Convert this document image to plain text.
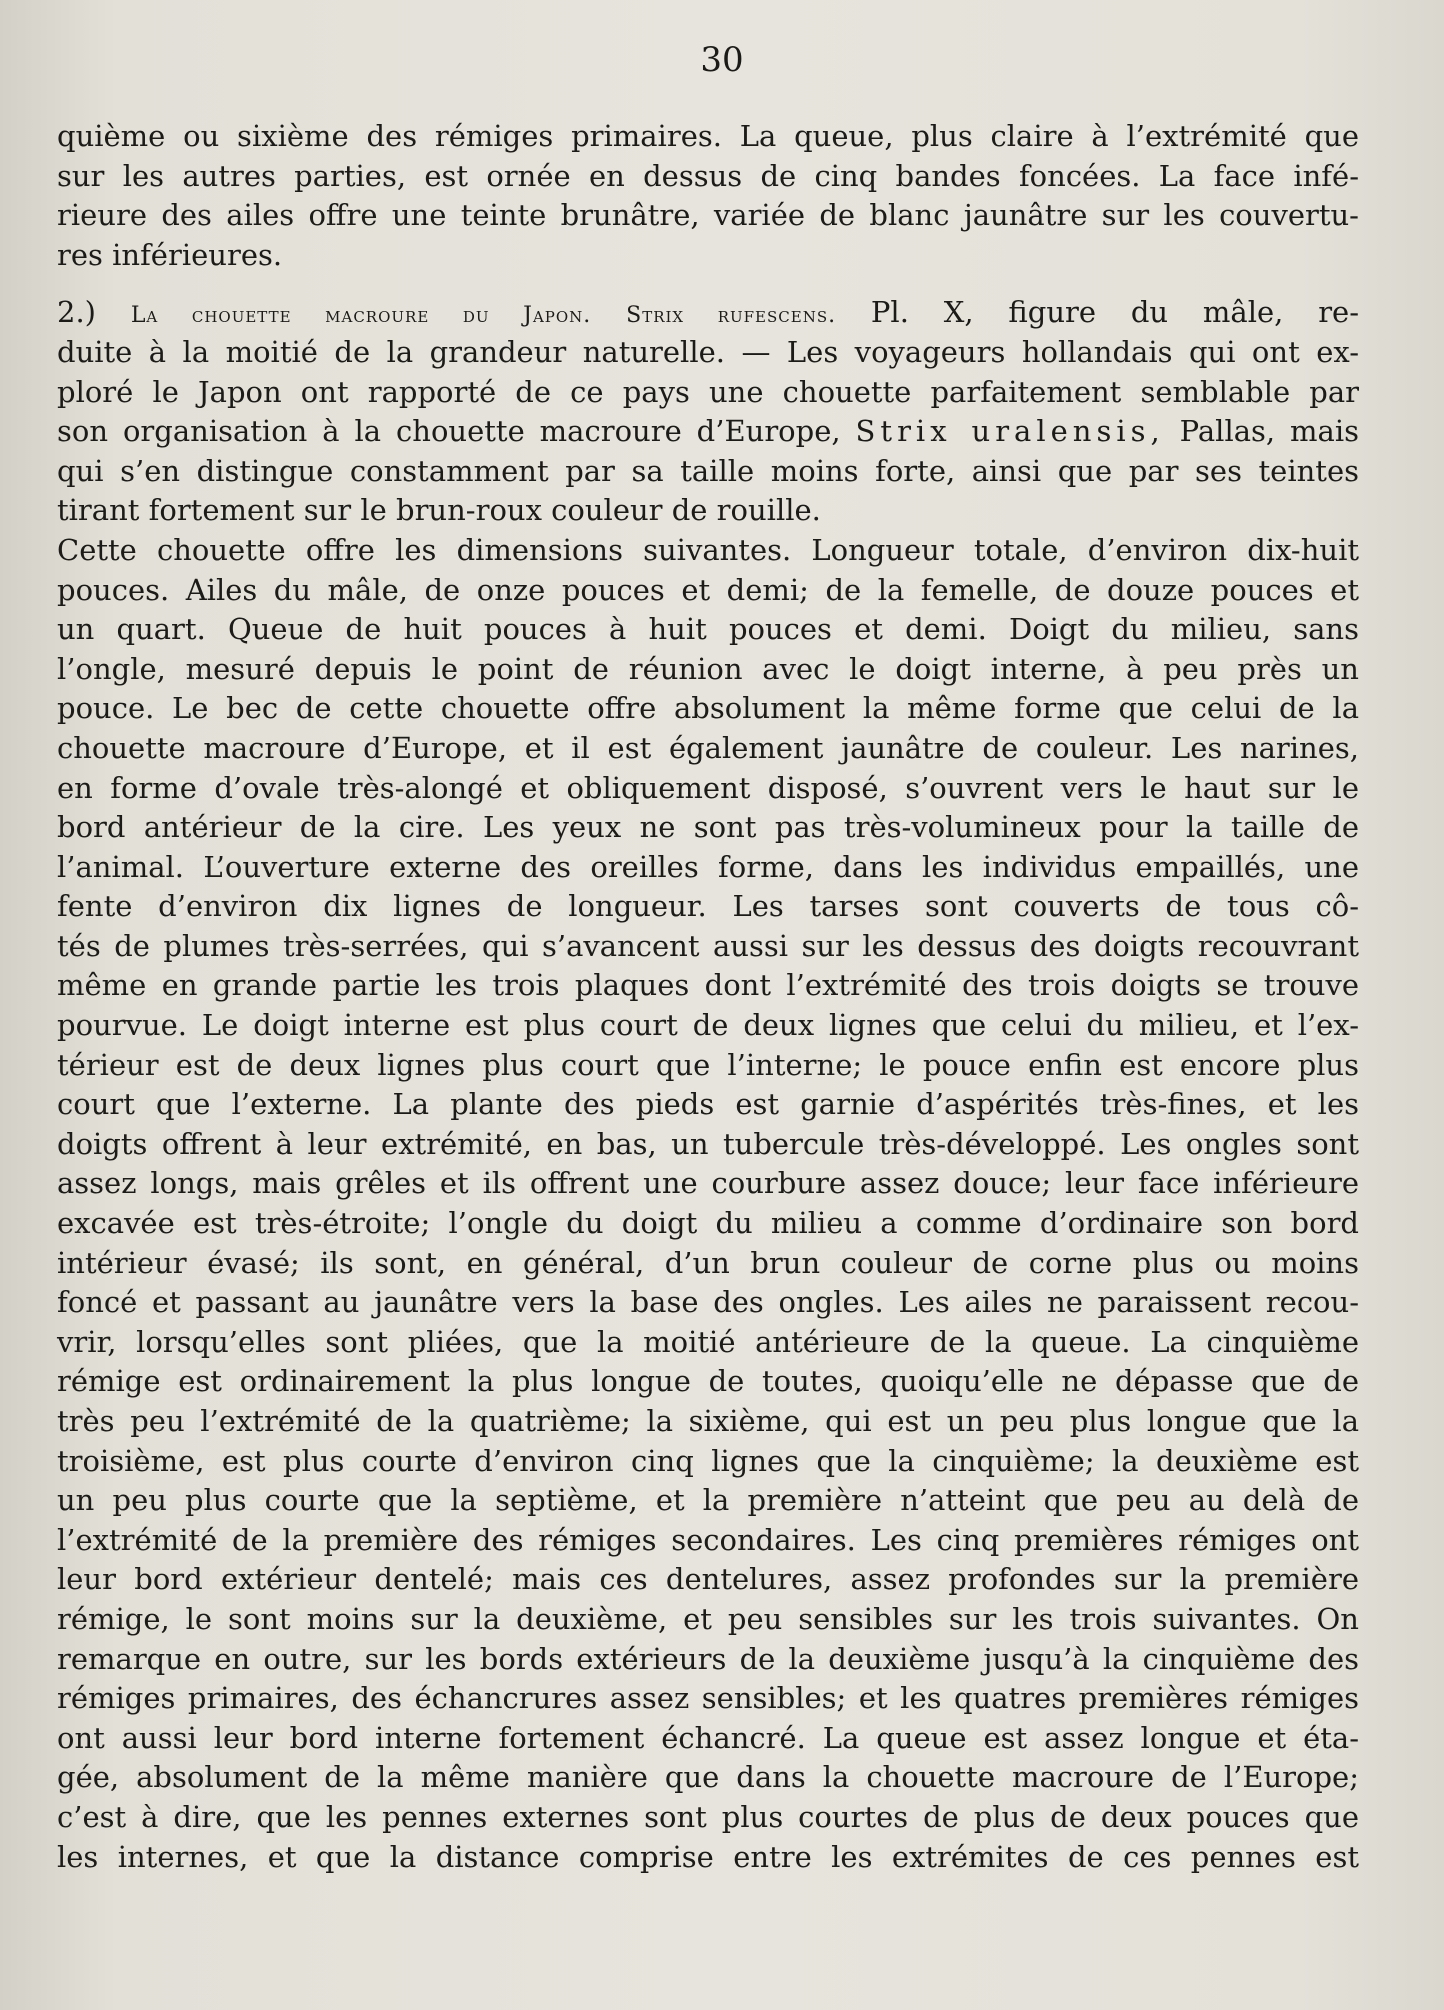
30
quième ou sixième des rémiges primaires. La queue, plus claire à l’extrémité que
sur les autres parties, est ornée en dessus de cinq bandes foncées. La face infé-
rieure des ailes offre une teinte brunâtre, variée de blanc jaunâtre sur les couvertu-
res inférieures.
2.) La chouette macroure du Japon. Strix rufescens. Pl. X, figure du mâle, re-
duite à la moitié de la grandeur naturelle. — Les voyageurs hollandais qui ont ex-
ploré le Japon ont rapporté de ce pays une chouette parfaitement semblable par
son organisation à la chouette macroure d’Europe, Strix uralensis, Pallas, mais
qui s’en distingue constamment par sa taille moins forte, ainsi que par ses teintes
tirant fortement sur le brun-roux couleur de rouille.
Cette chouette offre les dimensions suivantes. Longueur totale, d’environ dix-huit
pouces. Ailes du mâle, de onze pouces et demi; de la femelle, de douze pouces et
un quart. Queue de huit pouces à huit pouces et demi. Doigt du milieu, sans
l’ongle, mesuré depuis le point de réunion avec le doigt interne, à peu près un
pouce. Le bec de cette chouette offre absolument la même forme que celui de la
chouette macroure d’Europe, et il est également jaunâtre de couleur. Les narines,
en forme d’ovale très-alongé et obliquement disposé, s’ouvrent vers le haut sur le
bord antérieur de la cire. Les yeux ne sont pas très-volumineux pour la taille de
l’animal. L’ouverture externe des oreilles forme, dans les individus empaillés, une
fente d’environ dix lignes de longueur. Les tarses sont couverts de tous cô-
tés de plumes très-serrées, qui s’avancent aussi sur les dessus des doigts recouvrant
même en grande partie les trois plaques dont l’extrémité des trois doigts se trouve
pourvue. Le doigt interne est plus court de deux lignes que celui du milieu, et l’ex-
térieur est de deux lignes plus court que l’interne; le pouce enfin est encore plus
court que l’externe. La plante des pieds est garnie d’aspérités très-fines, et les
doigts offrent à leur extrémité, en bas, un tubercule très-développé. Les ongles sont
assez longs, mais grêles et ils offrent une courbure assez douce; leur face inférieure
excavée est très-étroite; l’ongle du doigt du milieu a comme d’ordinaire son bord
intérieur évasé; ils sont, en général, d’un brun couleur de corne plus ou moins
foncé et passant au jaunâtre vers la base des ongles. Les ailes ne paraissent recou-
vrir, lorsqu’elles sont pliées, que la moitié antérieure de la queue. La cinquième
rémige est ordinairement la plus longue de toutes, quoiqu’elle ne dépasse que de
très peu l’extrémité de la quatrième; la sixième, qui est un peu plus longue que la
troisième, est plus courte d’environ cinq lignes que la cinquième; la deuxième est
un peu plus courte que la septième, et la première n’atteint que peu au delà de
l’extrémité de la première des rémiges secondaires. Les cinq premières rémiges ont
leur bord extérieur dentelé; mais ces dentelures, assez profondes sur la première
rémige, le sont moins sur la deuxième, et peu sensibles sur les trois suivantes. On
remarque en outre, sur les bords extérieurs de la deuxième jusqu’à la cinquième des
rémiges primaires, des échancrures assez sensibles; et les quatres premières rémiges
ont aussi leur bord interne fortement échancré. La queue est assez longue et éta-
gée, absolument de la même manière que dans la chouette macroure de l’Europe;
c’est à dire, que les pennes externes sont plus courtes de plus de deux pouces que
les internes, et que la distance comprise entre les extrémites de ces pennes est
